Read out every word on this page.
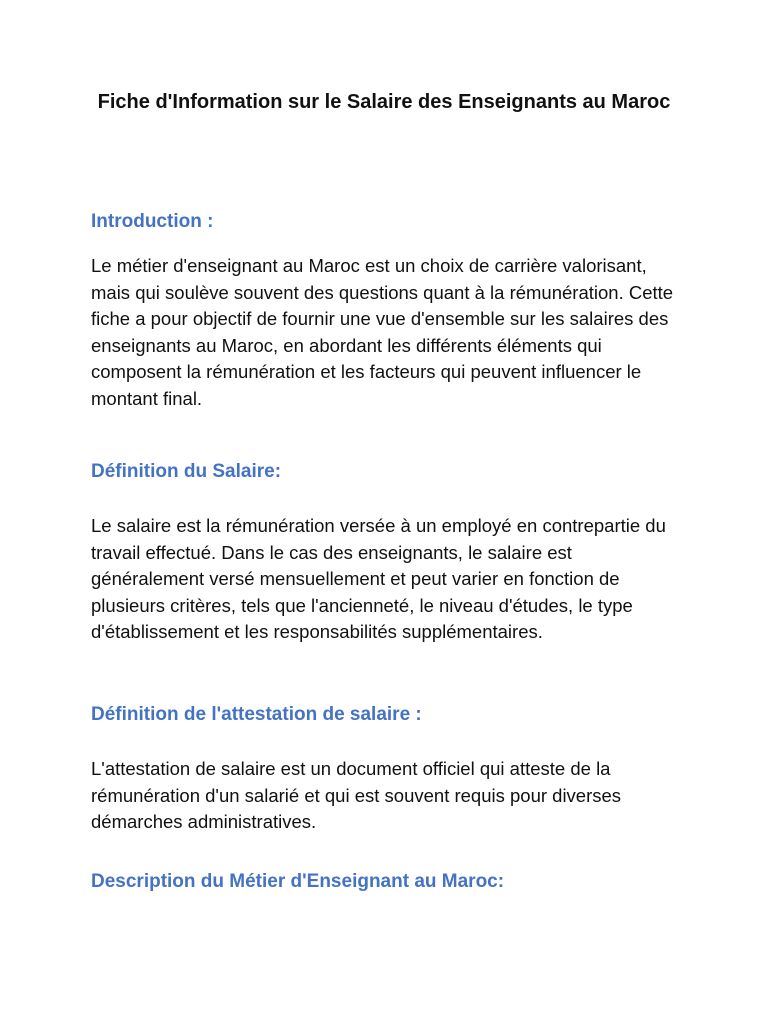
Fiche d'Information sur le Salaire des Enseignants au Maroc
Introduction :

Le métier d'enseignant au Maroc est un choix de carrière valorisant, mais qui soulève souvent des questions quant à la rémunération. Cette fiche a pour objectif de fournir une vue d'ensemble sur les salaires des enseignants au Maroc, en abordant les différents éléments qui composent la rémunération et les facteurs qui peuvent influencer le montant final.

Définition du Salaire:

Le salaire est la rémunération versée à un employé en contrepartie du travail effectué. Dans le cas des enseignants, le salaire est généralement versé mensuellement et peut varier en fonction de plusieurs critères, tels que l'ancienneté, le niveau d'études, le type d'établissement et les responsabilités supplémentaires.

Définition de l'attestation de salaire :

L'attestation de salaire est un document officiel qui atteste de la rémunération d'un salarié et qui est souvent requis pour diverses démarches administratives.

Description du Métier d'Enseignant au Maroc:
